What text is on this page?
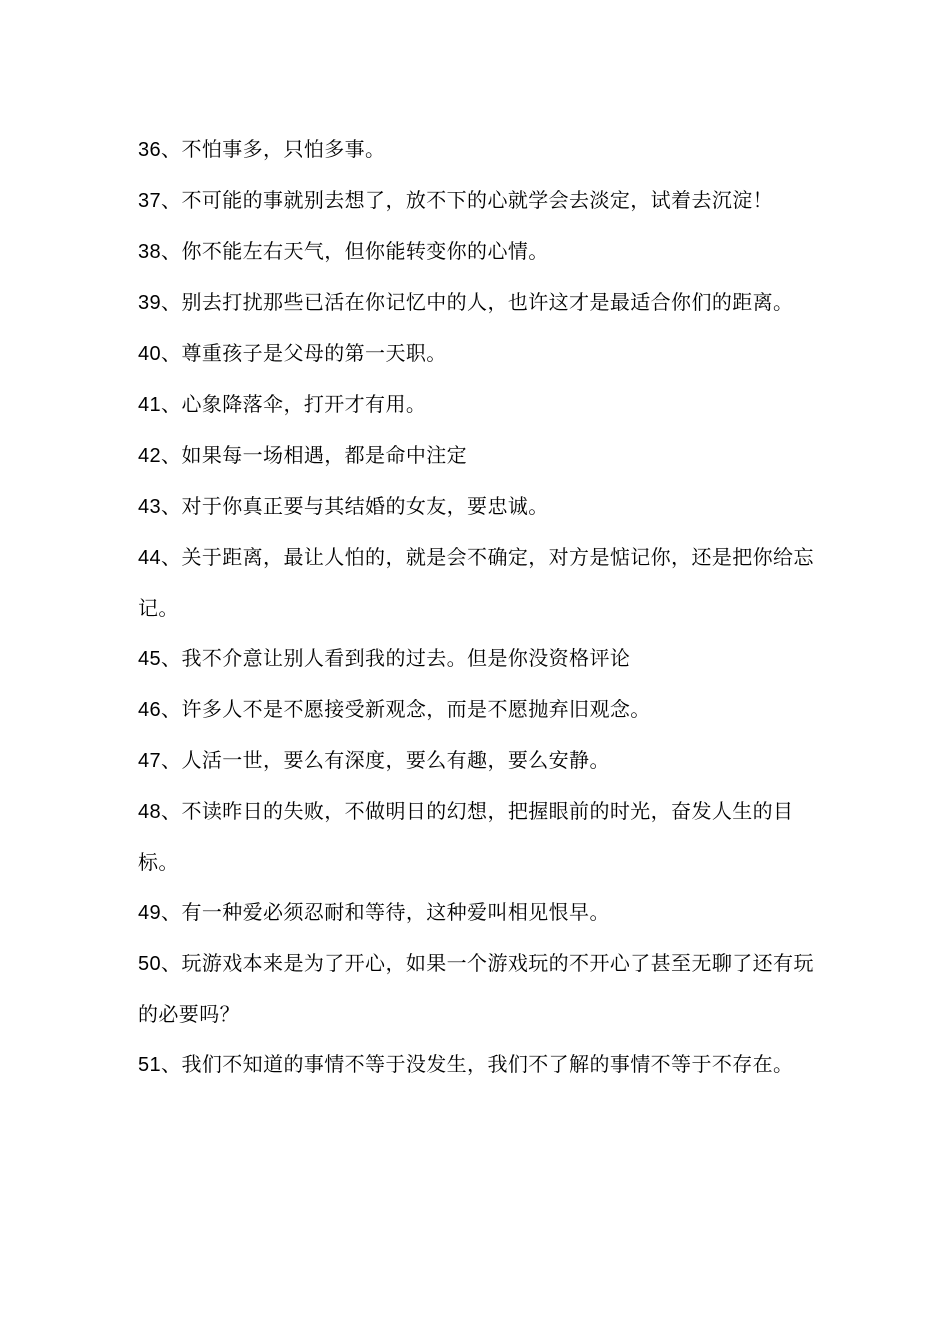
36、不怕事多，只怕多事。

37、不可能的事就别去想了，放不下的心就学会去淡定，试着去沉淀！

38、你不能左右天气，但你能转变你的心情。

39、别去打扰那些已活在你记忆中的人，也许这才是最适合你们的距离。

40、尊重孩子是父母的第一天职。

41、心象降落伞，打开才有用。

42、如果每一场相遇，都是命中注定

43、对于你真正要与其结婚的女友，要忠诚。

44、关于距离，最让人怕的，就是会不确定，对方是惦记你，还是把你给忘记。

45、我不介意让别人看到我的过去。但是你没资格评论

46、许多人不是不愿接受新观念，而是不愿抛弃旧观念。

47、人活一世，要么有深度，要么有趣，要么安静。

48、不读昨日的失败，不做明日的幻想，把握眼前的时光，奋发人生的目标。

49、有一种爱必须忍耐和等待，这种爱叫相见恨早。

50、玩游戏本来是为了开心，如果一个游戏玩的不开心了甚至无聊了还有玩的必要吗？

51、我们不知道的事情不等于没发生，我们不了解的事情不等于不存在。
